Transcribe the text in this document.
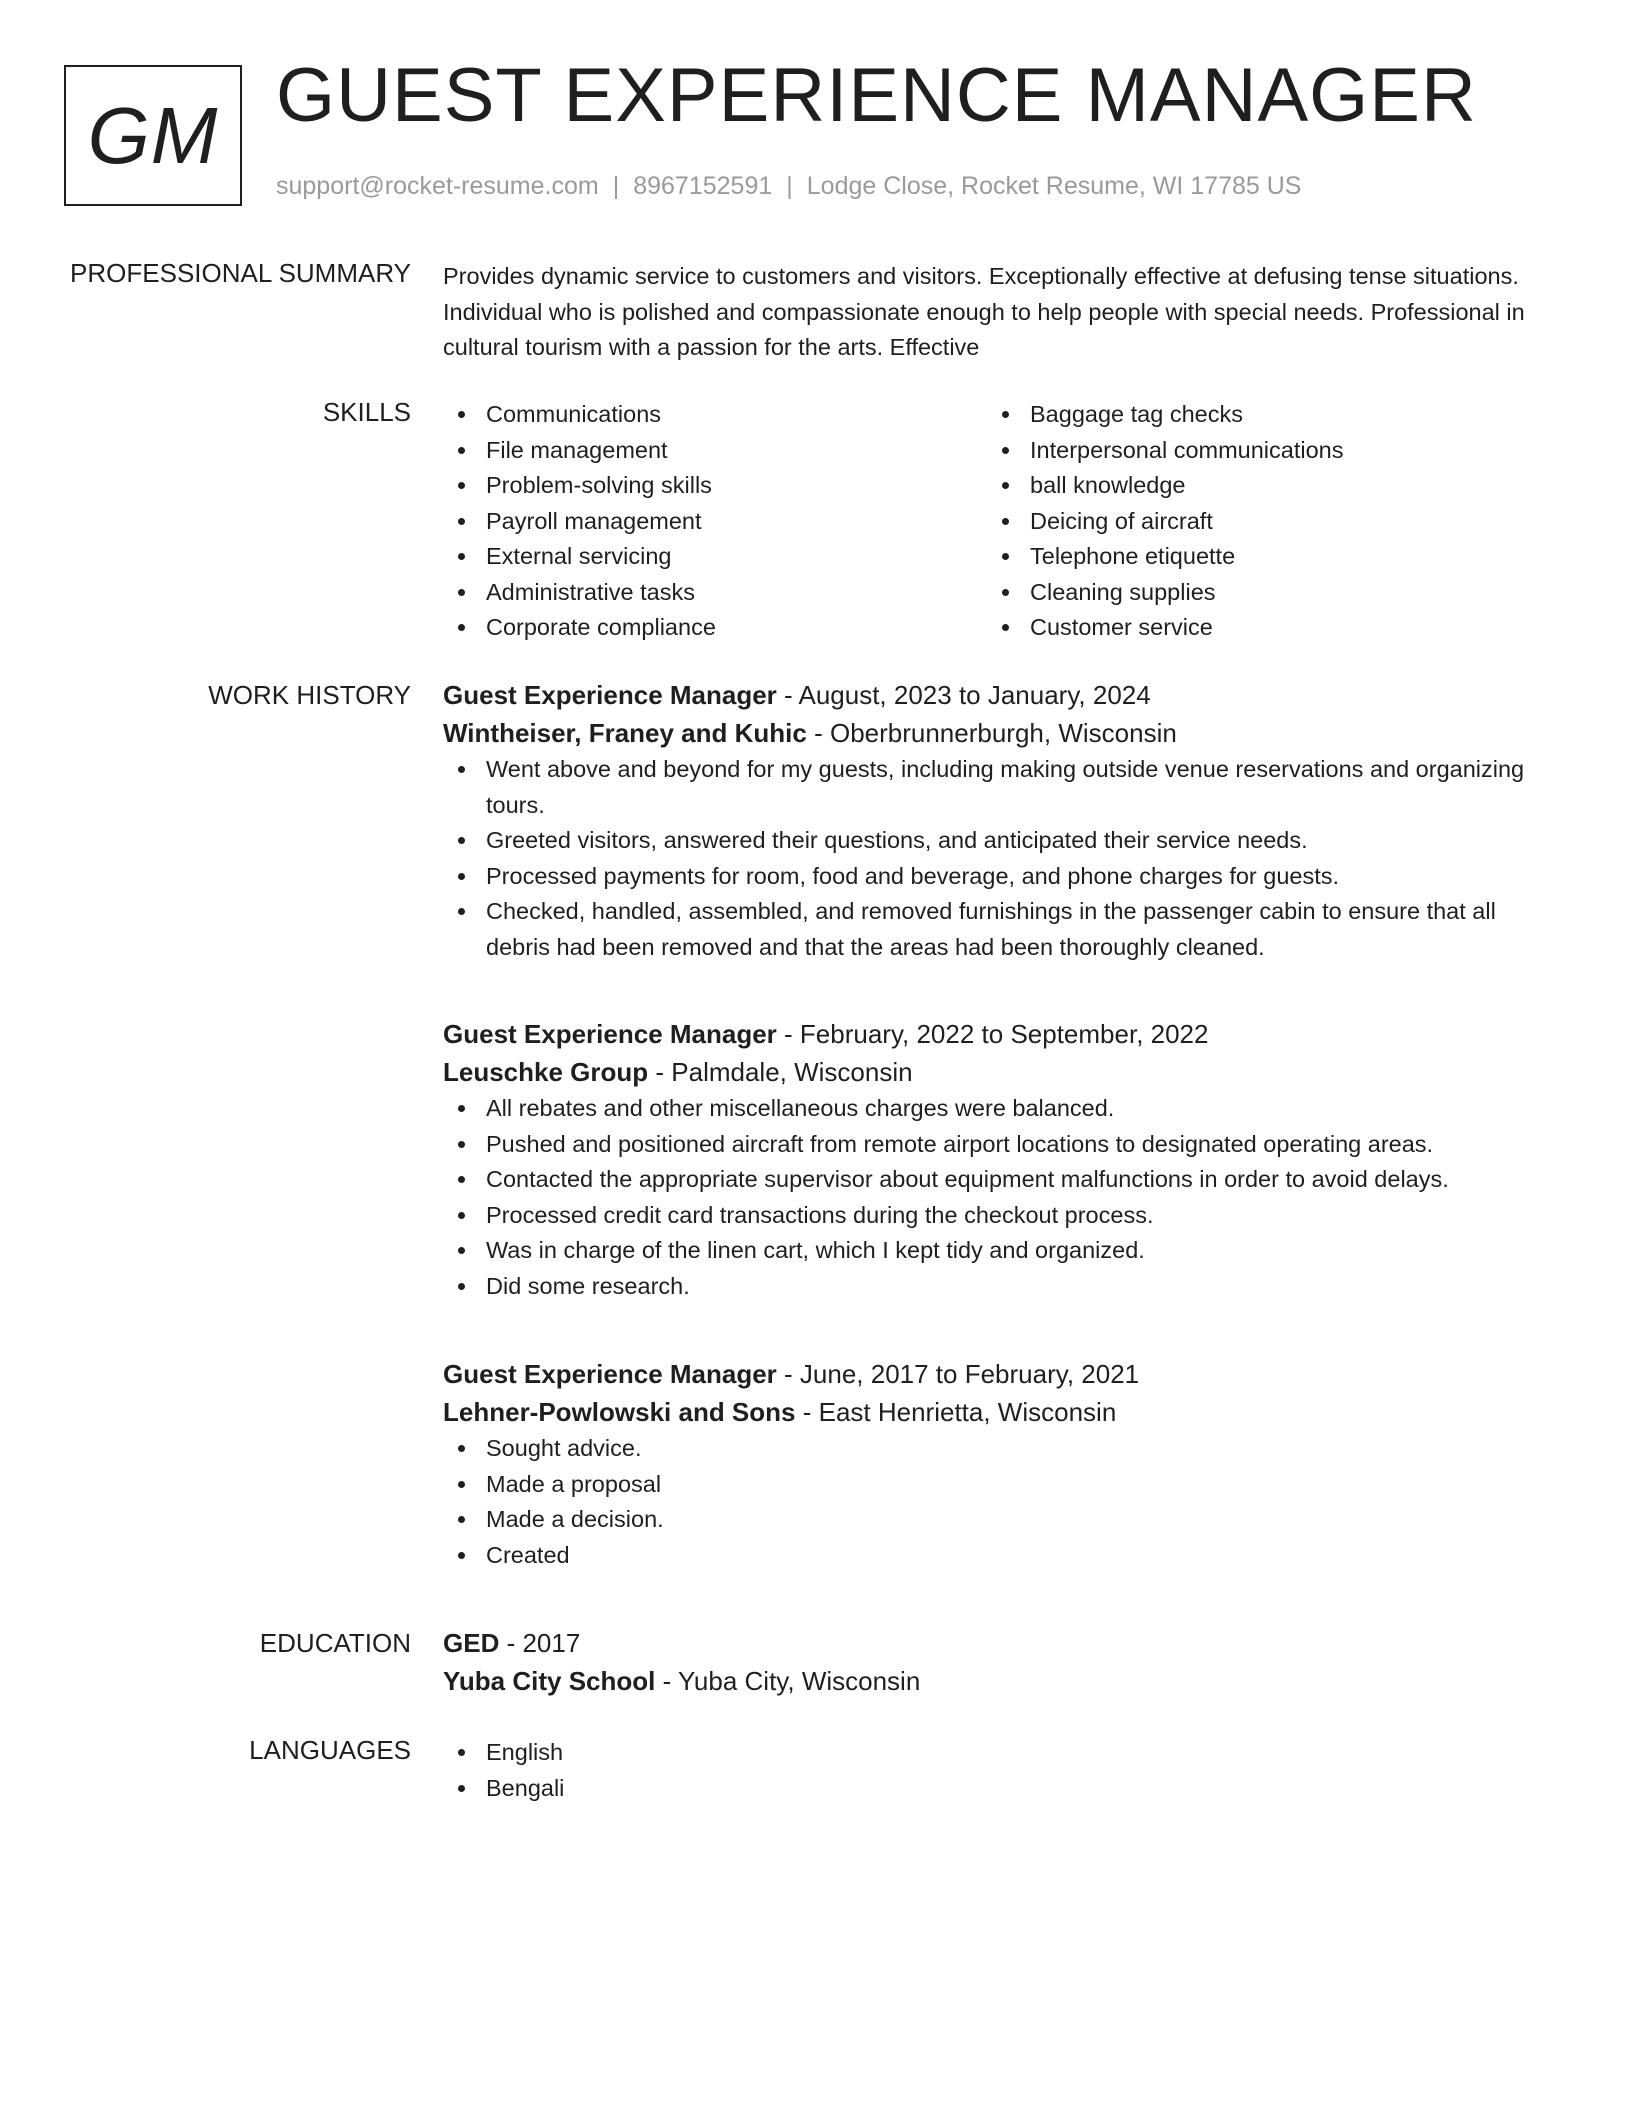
GM GUEST EXPERIENCE MANAGER
support@rocket-resume.com | 8967152591 | Lodge Close, Rocket Resume, WI 17785 US
PROFESSIONAL SUMMARY Provides dynamic service to customers and visitors. Exceptionally effective at defusing tense situations. Individual who is polished and compassionate enough to help people with special needs. Professional in cultural tourism with a passion for the arts. Effective
SKILLS	Communications
File management
Problem-solving skills
Payroll management
External servicing
Administrative tasks
Corporate compliance
Baggage tag checks
Interpersonal communications
ball knowledge
Deicing of aircraft
Telephone etiquette
Cleaning supplies
Customer service
WORK HISTORY Guest Experience Manager - August, 2023 to January, 2024
Wintheiser, Franey and Kuhic - Oberbrunnerburgh, Wisconsin
Went above and beyond for my guests, including making outside venue reservations and organizing tours.
Greeted visitors, answered their questions, and anticipated their service needs.
Processed payments for room, food and beverage, and phone charges for guests.
Checked, handled, assembled, and removed furnishings in the passenger cabin to ensure that all debris had been removed and that the areas had been thoroughly cleaned.
Guest Experience Manager - February, 2022 to September, 2022
Leuschke Group - Palmdale, Wisconsin
All rebates and other miscellaneous charges were balanced.
Pushed and positioned aircraft from remote airport locations to designated operating areas.
Contacted the appropriate supervisor about equipment malfunctions in order to avoid delays.
Processed credit card transactions during the checkout process.
Was in charge of the linen cart, which I kept tidy and organized.
Did some research.
Guest Experience Manager - June, 2017 to February, 2021
Lehner-Powlowski and Sons - East Henrietta, Wisconsin
Sought advice.
Made a proposal
Made a decision.
Created
EDUCATION GED - 2017
Yuba City School - Yuba City, Wisconsin
LANGUAGES	English
Bengali
